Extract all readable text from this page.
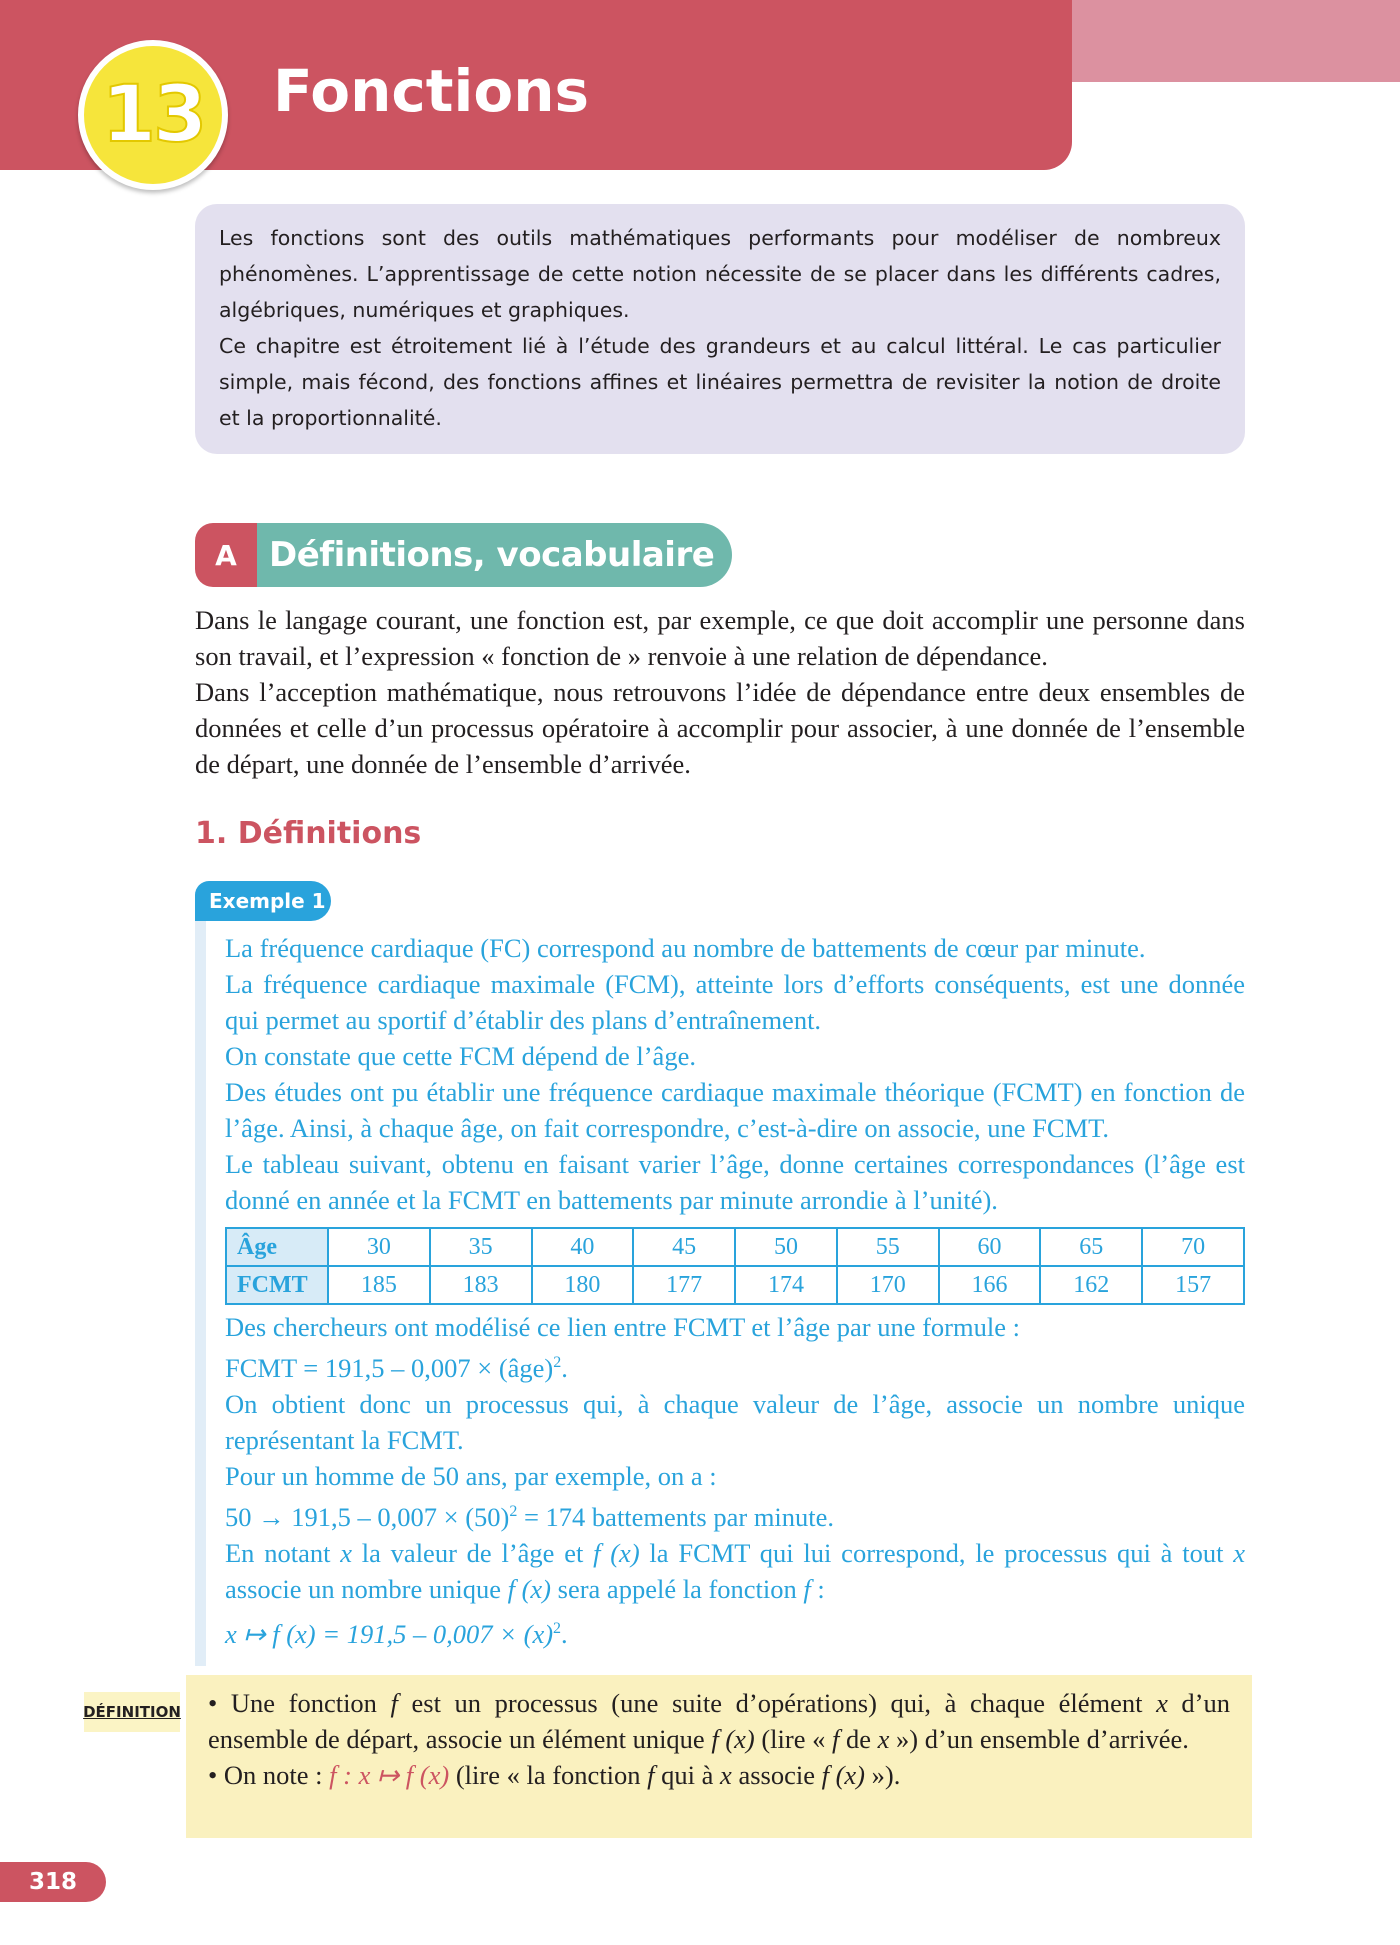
13 Fonctions

Les fonctions sont des outils mathématiques performants pour modéliser de nombreux phénomènes. L’apprentissage de cette notion nécessite de se placer dans les différents cadres, algébriques, numériques et graphiques.

Ce chapitre est étroitement lié à l’étude des grandeurs et au calcul littéral. Le cas particulier simple, mais fécond, des fonctions affines et linéaires permettra de revisiter la notion de droite et la proportionnalité.

A Définitions, vocabulaire
Dans le langage courant, une fonction est, par exemple, ce que doit accomplir une personne dans son travail, et l’expression « fonction de » renvoie à une relation de dépendance.
Dans l’acception mathématique, nous retrouvons l’idée de dépendance entre deux ensembles de données et celle d’un processus opératoire à accomplir pour associer, à une donnée de l’ensemble de départ, une donnée de l’ensemble d’arrivée.
1. Définitions
Exemple 1

La fréquence cardiaque (FC) correspond au nombre de battements de cœur par minute.

La fréquence cardiaque maximale (FCM), atteinte lors d’efforts conséquents, est une donnée qui permet au sportif d’établir des plans d’entraînement.

On constate que cette FCM dépend de l’âge.

Des études ont pu établir une fréquence cardiaque maximale théorique (FCMT) en fonction de l’âge. Ainsi, à chaque âge, on fait correspondre, c’est-à-dire on associe, une FCMT.

Le tableau suivant, obtenu en faisant varier l’âge, donne certaines correspondances (l’âge est donné en année et la FCMT en battements par minute arrondie à l’unité).

Âge	30	35	40	45	50	55	60	65	70
FCMT	185	183	180	177	174	170	166	162	157

Des chercheurs ont modélisé ce lien entre FCMT et l’âge par une formule :

FCMT = 191,5 – 0,007 × (âge)$^2$.

On obtient donc un processus qui, à chaque valeur de l’âge, associe un nombre unique représentant la FCMT.

Pour un homme de 50 ans, par exemple, on a :

$50 \to 191,5 - 0,007 \times (50)^2 = 174$ battements par minute.

En notant x la valeur de l’âge et f (x) la FCMT qui lui correspond, le processus qui à tout x associe un nombre unique f (x) sera appelé la fonction f :

x ↦ f $(x) = 191,5 - 0,007 \times (x)^2$.

DÉFINITION • Une fonction f est un processus (une suite d’opérations) qui, à chaque élément x d’un ensemble de départ, associe un élément unique f (x) (lire « f de x ») d’un ensemble d’arrivée.

• On note : f : x ↦ f (x) (lire « la fonction f qui à x associe f (x) »).

318
